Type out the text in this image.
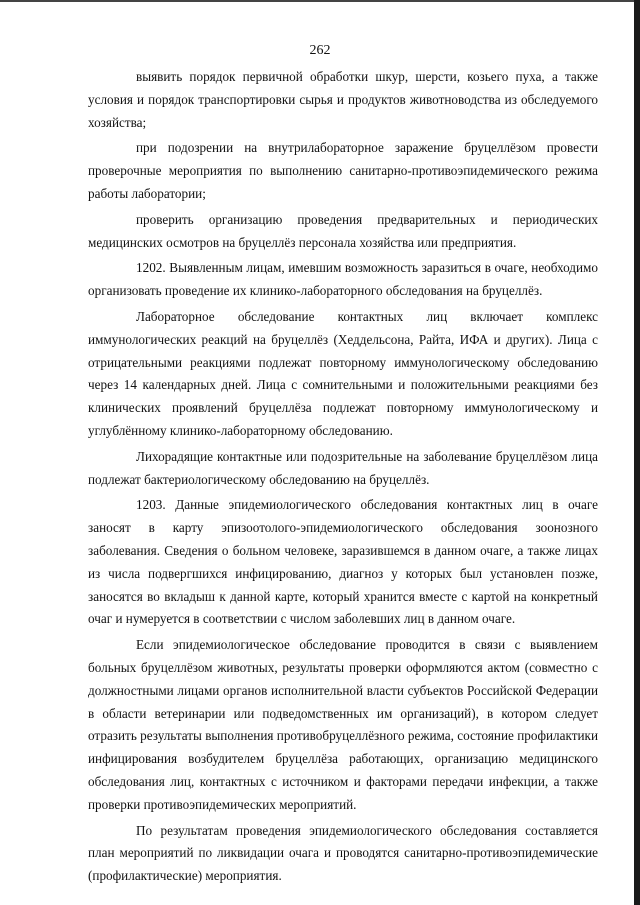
262

выявить порядок первичной обработки шкур, шерсти, козьего пуха, а также условия и порядок транспортировки сырья и продуктов животноводства из обследуемого хозяйства;

при подозрении на внутрилабораторное заражение бруцеллёзом провести проверочные мероприятия по выполнению санитарно-противоэпидемического режима работы лаборатории;

проверить организацию проведения предварительных и периодических медицинских осмотров на бруцеллёз персонала хозяйства или предприятия.

1202. Выявленным лицам, имевшим возможность заразиться в очаге, необходимо организовать проведение их клинико-лабораторного обследования на бруцеллёз.

Лабораторное обследование контактных лиц включает комплекс иммунологических реакций на бруцеллёз (Хеддельсона, Райта, ИФА и других). Лица с отрицательными реакциями подлежат повторному иммунологическому обследованию через 14 календарных дней. Лица с сомнительными и положительными реакциями без клинических проявлений бруцеллёза подлежат повторному иммунологическому и углублённому клинико-лабораторному обследованию.

Лихорадящие контактные или подозрительные на заболевание бруцеллёзом лица подлежат бактериологическому обследованию на бруцеллёз.

1203. Данные эпидемиологического обследования контактных лиц в очаге заносят в карту эпизоотолого-эпидемиологического обследования зоонозного заболевания. Сведения о больном человеке, заразившемся в данном очаге, а также лицах из числа подвергшихся инфицированию, диагноз у которых был установлен позже, заносятся во вкладыш к данной карте, который хранится вместе с картой на конкретный очаг и нумеруется в соответствии с числом заболевших лиц в данном очаге.

Если эпидемиологическое обследование проводится в связи с выявлением больных бруцеллёзом животных, результаты проверки оформляются актом (совместно с должностными лицами органов исполнительной власти субъектов Российской Федерации в области ветеринарии или подведомственных им организаций), в котором следует отразить результаты выполнения противобруцеллёзного режима, состояние профилактики инфицирования возбудителем бруцеллёза работающих, организацию медицинского обследования лиц, контактных с источником и факторами передачи инфекции, а также проверки противоэпидемических мероприятий.

По результатам проведения эпидемиологического обследования составляется план мероприятий по ликвидации очага и проводятся санитарно-противоэпидемические (профилактические) мероприятия.
